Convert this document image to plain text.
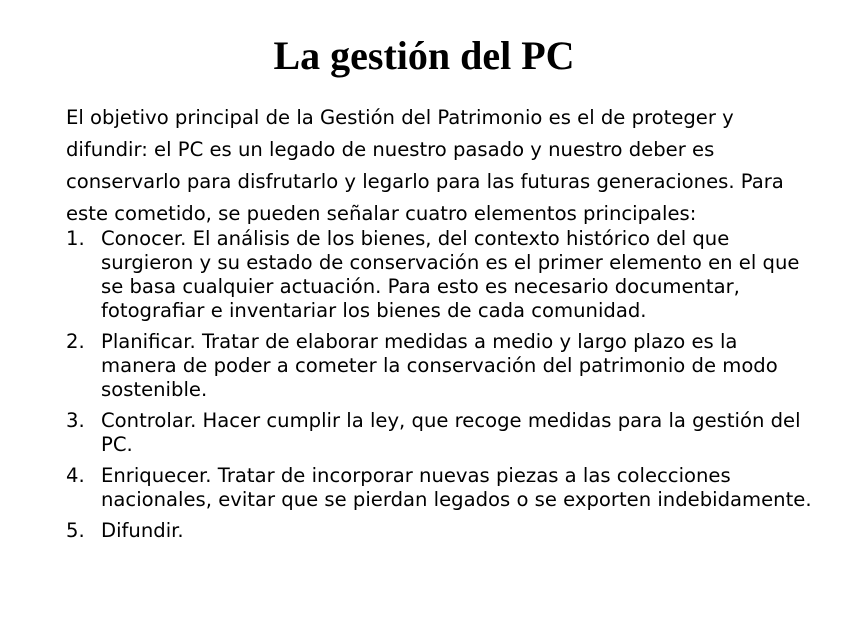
La gestión del PC

El objetivo principal de la Gestión del Patrimonio es el de proteger y difundir: el PC es un legado de nuestro pasado y nuestro deber es conservarlo para disfrutarlo y legarlo para las futuras generaciones. Para este cometido, se pueden señalar cuatro elementos principales:

1. Conocer. El análisis de los bienes, del contexto histórico del que surgieron y su estado de conservación es el primer elemento en el que se basa cualquier actuación. Para esto es necesario documentar, fotografiar e inventariar los bienes de cada comunidad.
2. Planificar. Tratar de elaborar medidas a medio y largo plazo es la manera de poder a cometer la conservación del patrimonio de modo sostenible.
3. Controlar. Hacer cumplir la ley, que recoge medidas para la gestión del PC.
4. Enriquecer. Tratar de incorporar nuevas piezas a las colecciones nacionales, evitar que se pierdan legados o se exporten indebidamente.
5. Difundir.
